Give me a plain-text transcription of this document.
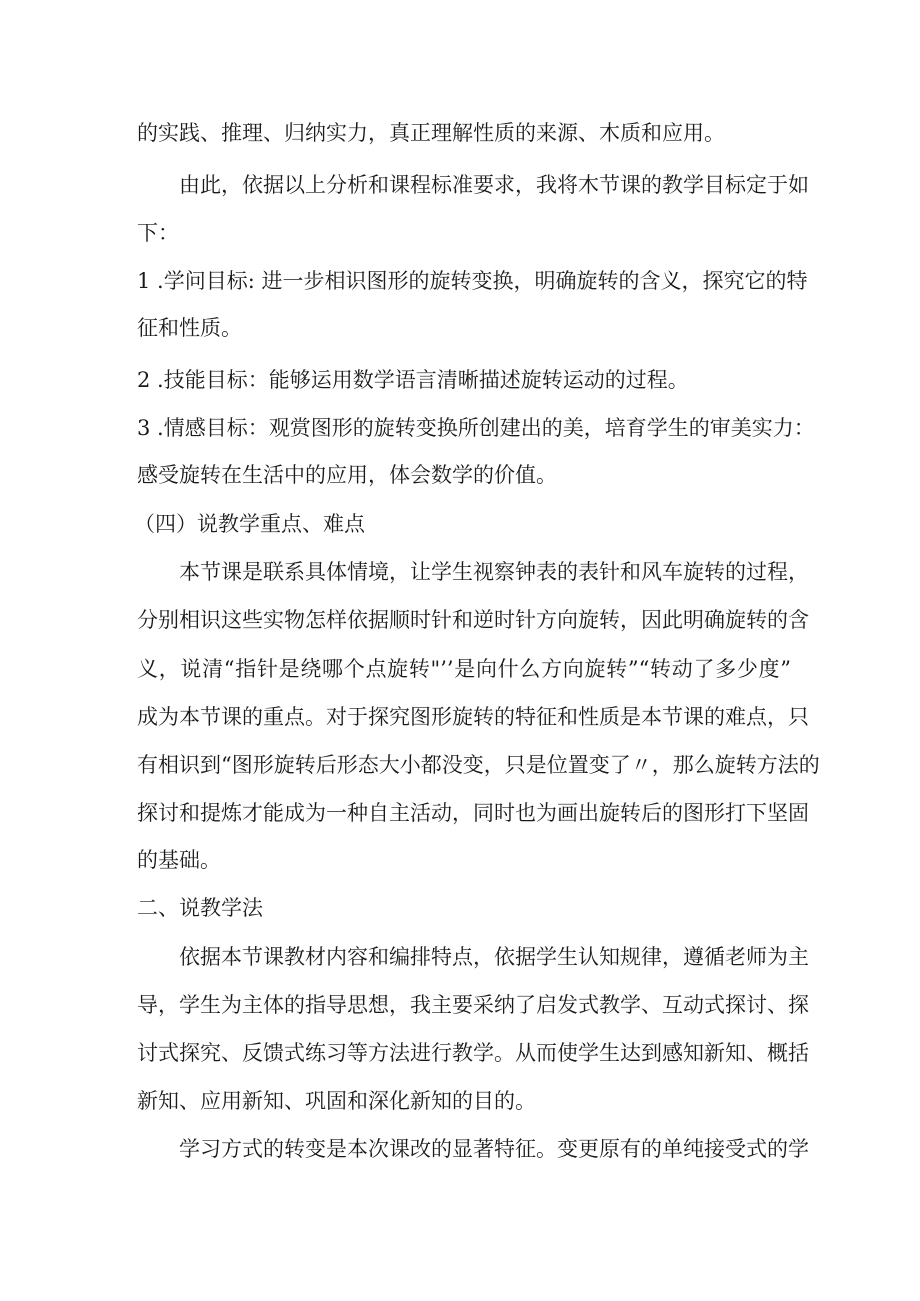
的实践、推理、归纳实力，真正理解性质的来源、木质和应用。
由此，依据以上分析和课程标准要求，我将木节课的教学目标定于如
下：
1 .学问目标: 进一步相识图形的旋转变换，明确旋转的含义，探究它的特
征和性质。
2 .技能目标：能够运用数学语言清晰描述旋转运动的过程。
3 .情感目标：观赏图形的旋转变换所创建出的美，培育学生的审美实力：
感受旋转在生活中的应用，体会数学的价值。
（四）说教学重点、难点
本节课是联系具体情境，让学生视察钟表的表针和风车旋转的过程，
分别相识这些实物怎样依据顺时针和逆时针方向旋转，因此明确旋转的含
义，说清“指针是绕哪个点旋转"’’是向什么方向旋转”“转动了多少度”
成为本节课的重点。对于探究图形旋转的特征和性质是本节课的难点，只
有相识到“图形旋转后形态大小都没变，只是位置变了〃，那么旋转方法的
探讨和提炼才能成为一种自主活动，同时也为画出旋转后的图形打下坚固
的基础。
二、说教学法
依据本节课教材内容和编排特点，依据学生认知规律，遵循老师为主
导，学生为主体的指导思想，我主要采纳了启发式教学、互动式探讨、探
讨式探究、反馈式练习等方法进行教学。从而使学生达到感知新知、概括
新知、应用新知、巩固和深化新知的目的。
学习方式的转变是本次课改的显著特征。变更原有的单纯接受式的学
